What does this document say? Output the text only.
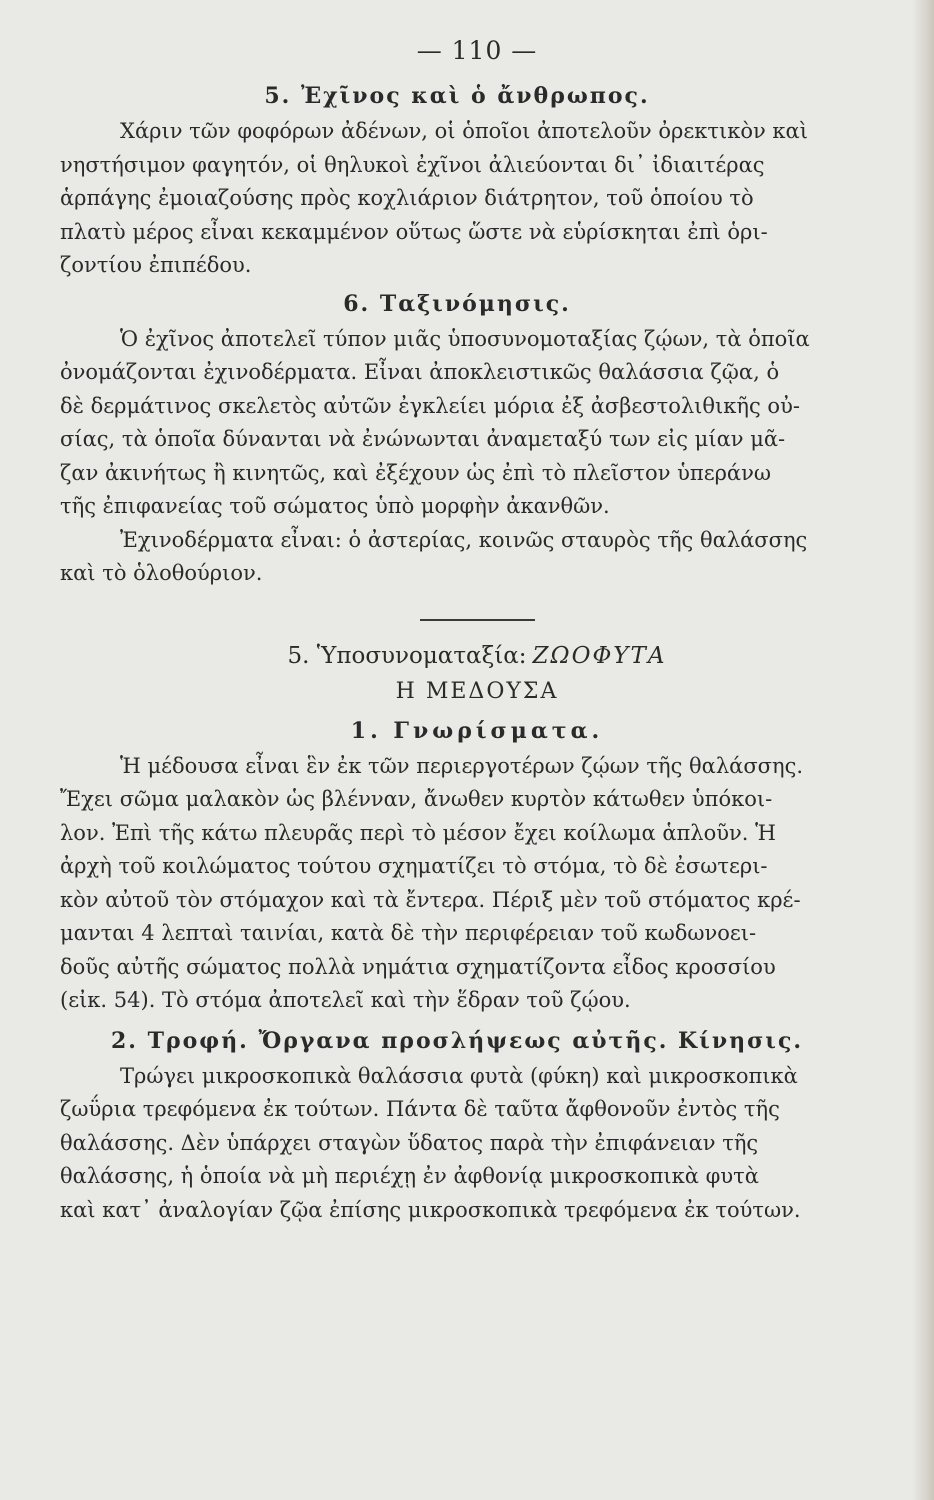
— 110 —
5. Ἐχῖνος καὶ ὁ ἄνθρωπος.
Χάριν τῶν φοφόρων ἀδένων, οἱ ὁποῖοι ἀποτελοῦν ὀρεκτικὸν καὶ
νηστήσιμον φαγητόν, οἱ θηλυκοὶ ἐχῖνοι ἀλιεύονται δι᾽ ἰδιαιτέρας
ἁρπάγης ἐμοιαζούσης πρὸς κοχλιάριον διάτρητον, τοῦ ὁποίου τὸ
πλατὺ μέρος εἶναι κεκαμμένον οὕτως ὥστε νὰ εὑρίσκηται ἐπὶ ὁρι-
ζοντίου ἐπιπέδου.
6. Ταξινόμησις.
Ὁ ἐχῖνος ἀποτελεῖ τύπον μιᾶς ὑποσυνομοταξίας ζῴων, τὰ ὁποῖα
ὀνομάζονται ἐχινοδέρματα. Εἶναι ἀποκλειστικῶς θαλάσσια ζῷα, ὁ
δὲ δερμάτινος σκελετὸς αὐτῶν ἐγκλείει μόρια ἐξ ἀσβεστολιθικῆς οὐ-
σίας, τὰ ὁποῖα δύνανται νὰ ἐνώνωνται ἀναμεταξύ των εἰς μίαν μᾶ-
ζαν ἀκινήτως ἢ κινητῶς, καὶ ἐξέχουν ὡς ἐπὶ τὸ πλεῖστον ὑπεράνω
τῆς ἐπιφανείας τοῦ σώματος ὑπὸ μορφὴν ἀκανθῶν.
Ἐχινοδέρματα εἶναι: ὁ ἀστερίας, κοινῶς σταυρὸς τῆς θαλάσσης
καὶ τὸ ὁλοθούριον.
5. Ὑποσυνοματαξία: ΖΩΟΦΥΤΑ
Η ΜΕΔΟΥΣΑ
1. Γνωρίσματα.
Ἡ μέδουσα εἶναι ἓν ἐκ τῶν περιεργοτέρων ζῴων τῆς θαλάσσης.
Ἔχει σῶμα μαλακὸν ὡς βλένναν, ἄνωθεν κυρτὸν κάτωθεν ὑπόκοι-
λον. Ἐπὶ τῆς κάτω πλευρᾶς περὶ τὸ μέσον ἔχει κοίλωμα ἁπλοῦν. Ἡ
ἀρχὴ τοῦ κοιλώματος τούτου σχηματίζει τὸ στόμα, τὸ δὲ ἐσωτερι-
κὸν αὐτοῦ τὸν στόμαχον καὶ τὰ ἔντερα. Πέριξ μὲν τοῦ στόματος κρέ-
μανται 4 λεπταὶ ταινίαι, κατὰ δὲ τὴν περιφέρειαν τοῦ κωδωνοει-
δοῦς αὐτῆς σώματος πολλὰ νημάτια σχηματίζοντα εἶδος κροσσίου
(εἰκ. 54). Τὸ στόμα ἀποτελεῖ καὶ τὴν ἕδραν τοῦ ζῴου.
2. Τροφή. Ὄργανα προσλήψεως αὐτῆς. Κίνησις.
Τρώγει μικροσκοπικὰ θαλάσσια φυτὰ (φύκη) καὶ μικροσκοπικὰ
ζωΰρια τρεφόμενα ἐκ τούτων. Πάντα δὲ ταῦτα ἄφθονοῦν ἐντὸς τῆς
θαλάσσης. Δὲν ὑπάρχει σταγὼν ὕδατος παρὰ τὴν ἐπιφάνειαν τῆς
θαλάσσης, ἡ ὁποία νὰ μὴ περιέχῃ ἐν ἀφθονίᾳ μικροσκοπικὰ φυτὰ
καὶ κατ᾽ ἀναλογίαν ζῷα ἐπίσης μικροσκοπικὰ τρεφόμενα ἐκ τούτων.
